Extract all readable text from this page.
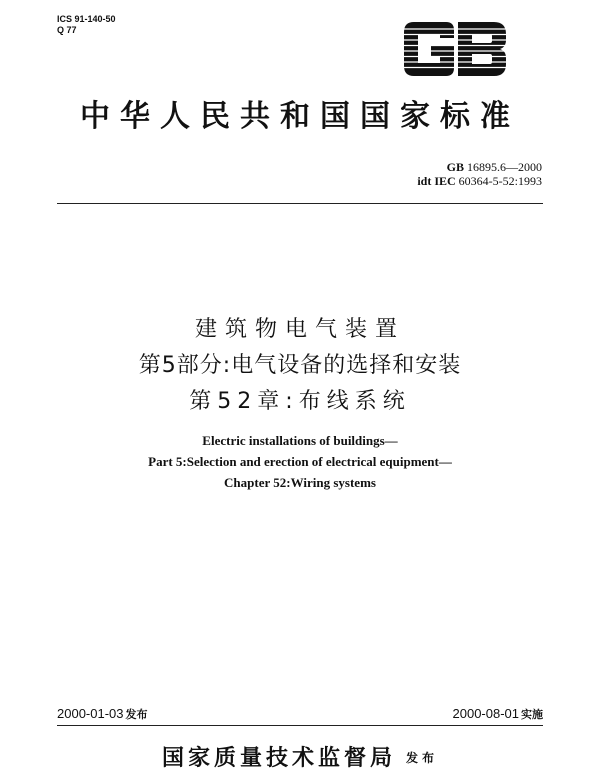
ICS 91-140-50
Q 77
中华人民共和国国家标准
GB 16895.6—2000
idt IEC 60364-5-52:1993
建筑物电气装置
第5部分:电气设备的选择和安装
第52章:布线系统
Electric installations of buildings—
Part 5:Selection and erection of electrical equipment—
Chapter 52:Wiring systems
2000-01-03 发布	2000-08-01 实施
国家质量技术监督局 发布
